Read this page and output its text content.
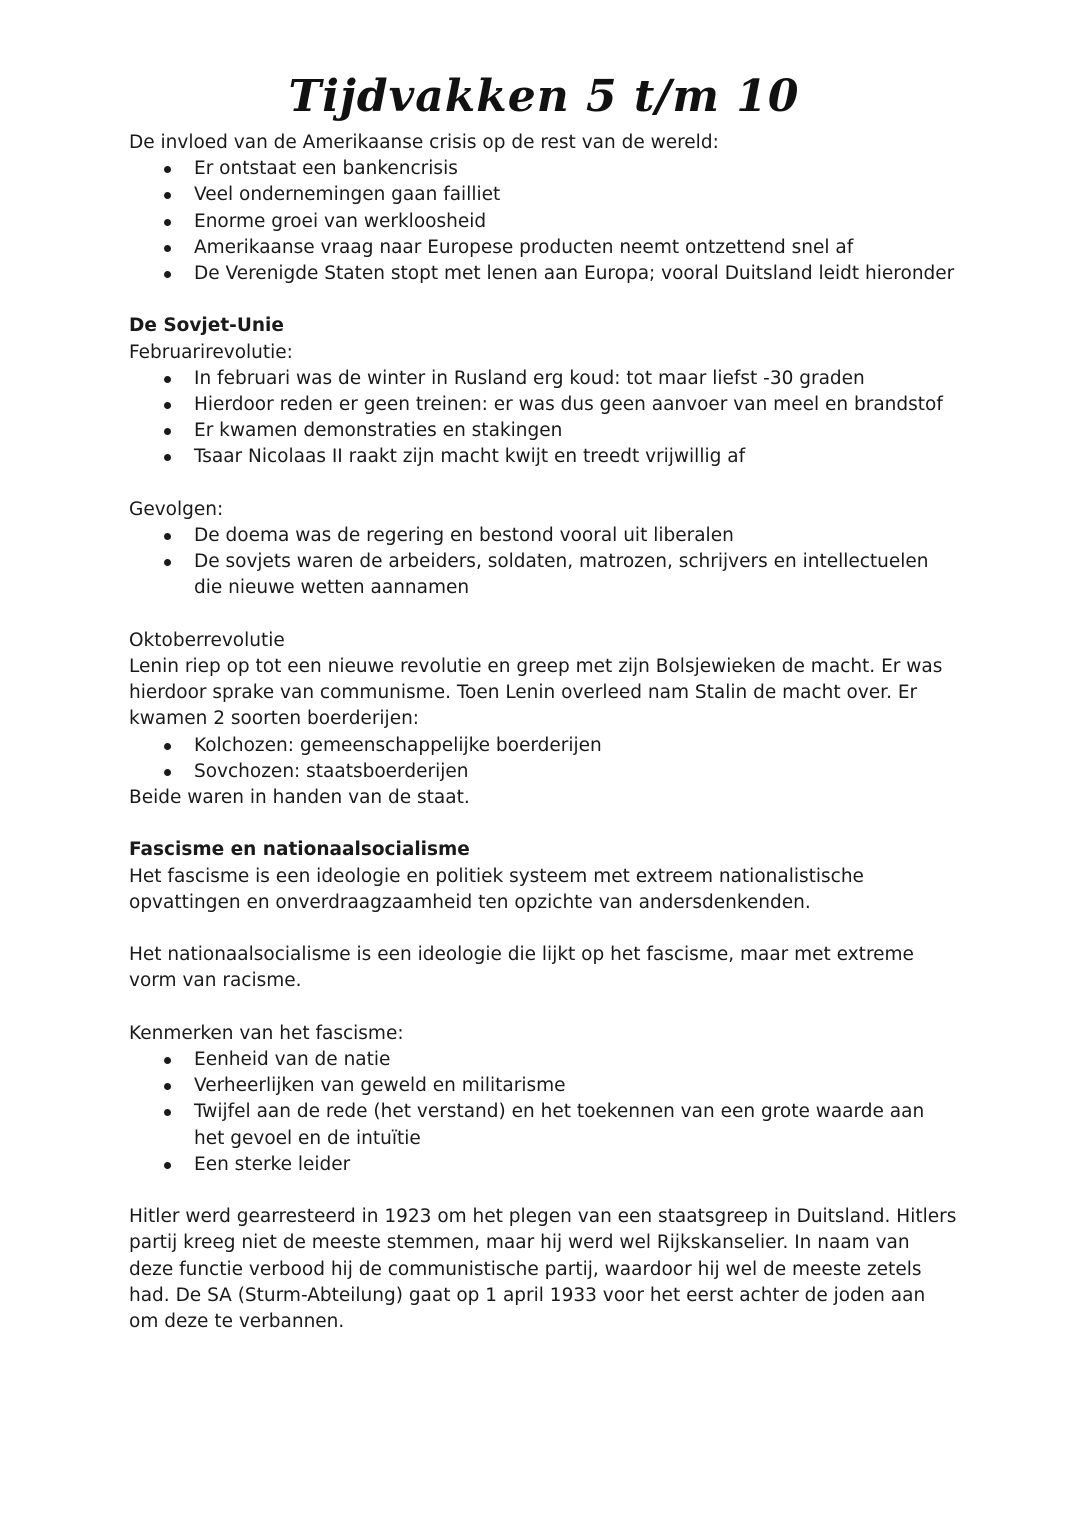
Tijdvakken 5 t/m 10

De invloed van de Amerikaanse crisis op de rest van de wereld:

Er ontstaat een bankencrisis
Veel ondernemingen gaan failliet
Enorme groei van werkloosheid
Amerikaanse vraag naar Europese producten neemt ontzettend snel af
De Verenigde Staten stopt met lenen aan Europa; vooral Duitsland leidt hieronder

De Sovjet-Unie

Februarirevolutie:

In februari was de winter in Rusland erg koud: tot maar liefst -30 graden
Hierdoor reden er geen treinen: er was dus geen aanvoer van meel en brandstof
Er kwamen demonstraties en stakingen
Tsaar Nicolaas II raakt zijn macht kwijt en treedt vrijwillig af

Gevolgen:

De doema was de regering en bestond vooral uit liberalen
De sovjets waren de arbeiders, soldaten, matrozen, schrijvers en intellectuelen die nieuwe wetten aannamen

Oktoberrevolutie

Lenin riep op tot een nieuwe revolutie en greep met zijn Bolsjewieken de macht. Er was hierdoor sprake van communisme. Toen Lenin overleed nam Stalin de macht over. Er kwamen 2 soorten boerderijen:

Kolchozen: gemeenschappelijke boerderijen
Sovchozen: staatsboerderijen

Beide waren in handen van de staat.

Fascisme en nationaalsocialisme

Het fascisme is een ideologie en politiek systeem met extreem nationalistische opvattingen en onverdraagzaamheid ten opzichte van andersdenkenden.

Het nationaalsocialisme is een ideologie die lijkt op het fascisme, maar met extreme vorm van racisme.

Kenmerken van het fascisme:

Eenheid van de natie
Verheerlijken van geweld en militarisme
Twijfel aan de rede (het verstand) en het toekennen van een grote waarde aan het gevoel en de intuïtie
Een sterke leider

Hitler werd gearresteerd in 1923 om het plegen van een staatsgreep in Duitsland. Hitlers partij kreeg niet de meeste stemmen, maar hij werd wel Rijkskanselier. In naam van deze functie verbood hij de communistische partij, waardoor hij wel de meeste zetels had. De SA (Sturm-Abteilung) gaat op 1 april 1933 voor het eerst achter de joden aan om deze te verbannen.
